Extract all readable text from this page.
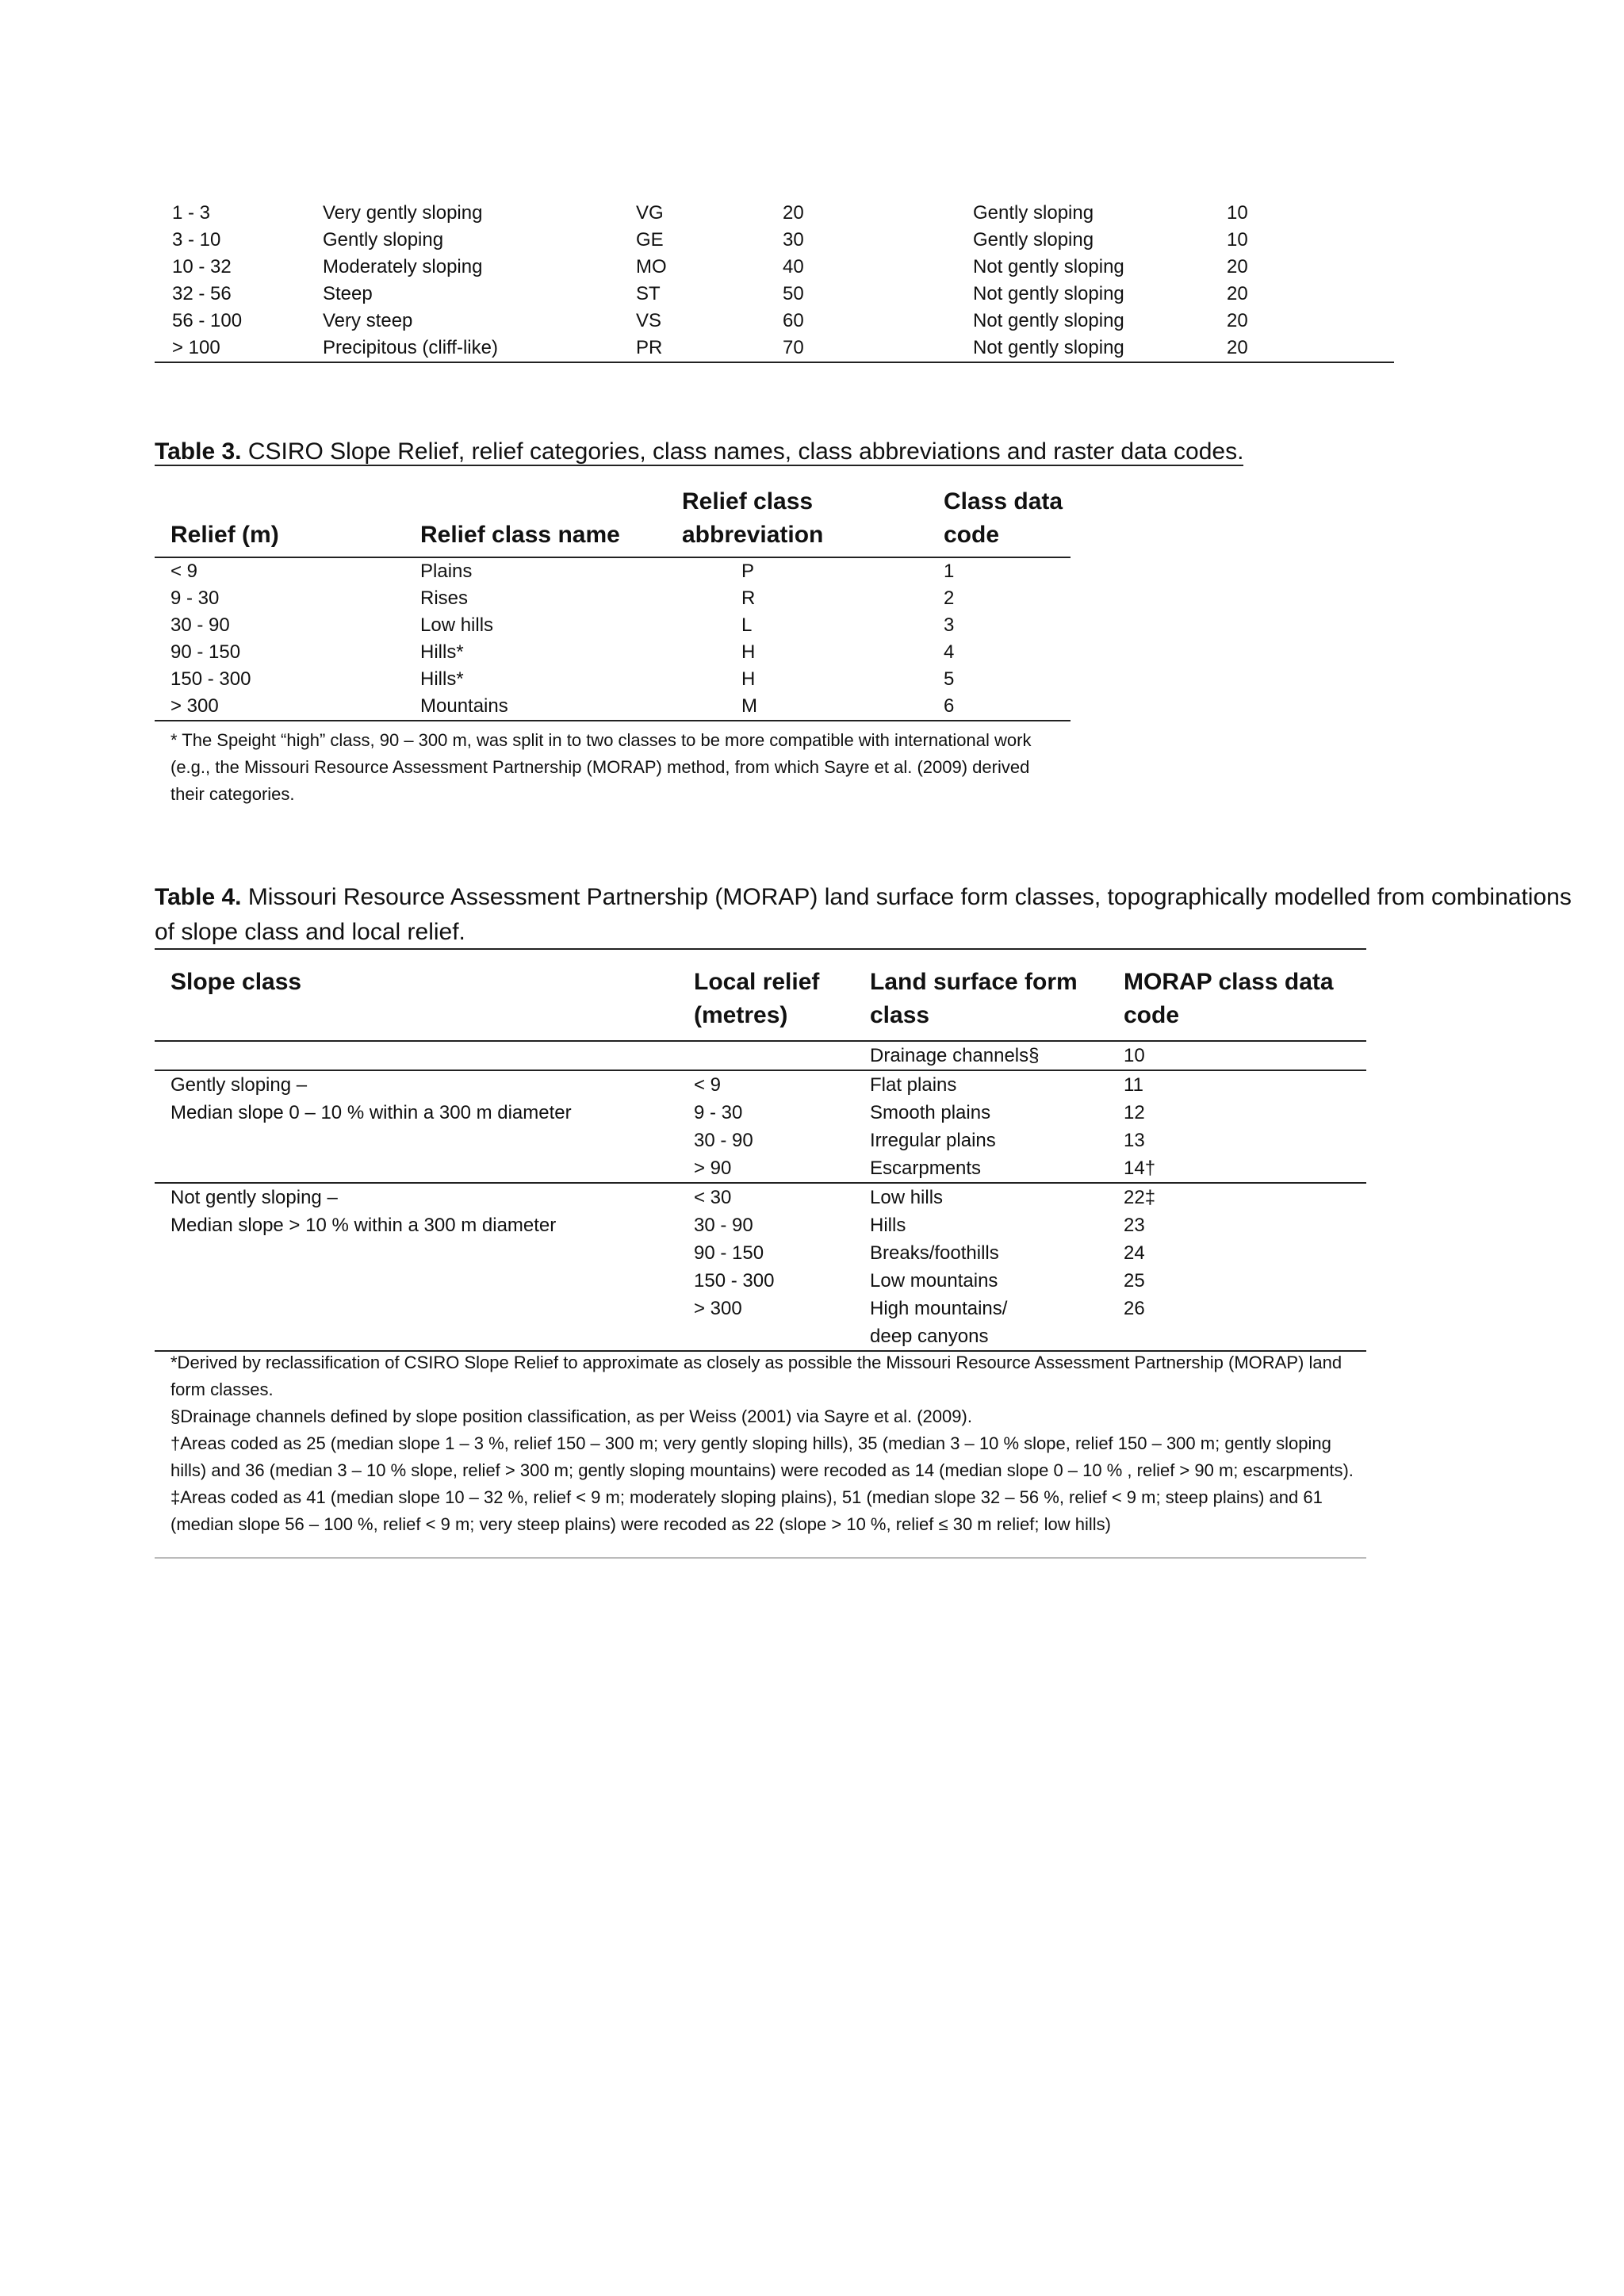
1 - 3	Very gently sloping	VG	20	Gently sloping	10
3 - 10	Gently sloping	GE	30	Gently sloping	10
10 - 32	Moderately sloping	MO	40	Not gently sloping	20
32 - 56	Steep	ST	50	Not gently sloping	20
56 - 100	Very steep	VS	60	Not gently sloping	20
> 100	Precipitous (cliff-like)	PR	70	Not gently sloping	20
Table 3. CSIRO Slope Relief, relief categories, class names, class abbreviations and raster data codes.
Relief (m)	Relief class name	Relief class abbreviation	Class data code
< 9	Plains	P	1
9 - 30	Rises	R	2
30 - 90	Low hills	L	3
90 - 150	Hills*	H	4
150 - 300	Hills*	H	5
> 300	Mountains	M	6
* The Speight “high” class, 90 – 300 m, was split in to two classes to be more compatible with international work (e.g., the Missouri Resource Assessment Partnership (MORAP) method, from which Sayre et al. (2009) derived their categories.
Table 4. Missouri Resource Assessment Partnership (MORAP) land surface form classes, topographically modelled from combinations of slope class and local relief.
Slope class	Local relief (metres)	Land surface form class	MORAP class data code
		Drainage channels§	10
Gently sloping –	< 9	Flat plains	11
Median slope 0 – 10 % within a 300 m diameter	9 - 30	Smooth plains	12
	30 - 90	Irregular plains	13
	> 90	Escarpments	14†
Not gently sloping –	< 30	Low hills	22‡
Median slope > 10 % within a 300 m diameter	30 - 90	Hills	23
	90 - 150	Breaks/foothills	24
	150 - 300	Low mountains	25
	> 300	High mountains/	26
		deep canyons	

*Derived by reclassification of CSIRO Slope Relief to approximate as closely as possible the Missouri Resource Assessment Partnership (MORAP) land form classes.

§Drainage channels defined by slope position classification, as per Weiss (2001) via Sayre et al. (2009).

†Areas coded as 25 (median slope 1 – 3 %, relief 150 – 300 m; very gently sloping hills), 35 (median 3 – 10 % slope, relief 150 – 300 m; gently sloping hills) and 36 (median 3 – 10 % slope, relief > 300 m; gently sloping mountains) were recoded as 14 (median slope 0 – 10 % , relief > 90 m; escarpments).

‡Areas coded as 41 (median slope 10 – 32 %, relief < 9 m; moderately sloping plains), 51 (median slope 32 – 56 %, relief < 9 m; steep plains) and 61 (median slope 56 – 100 %, relief < 9 m; very steep plains) were recoded as 22 (slope > 10 %, relief ≤ 30 m relief; low hills)
